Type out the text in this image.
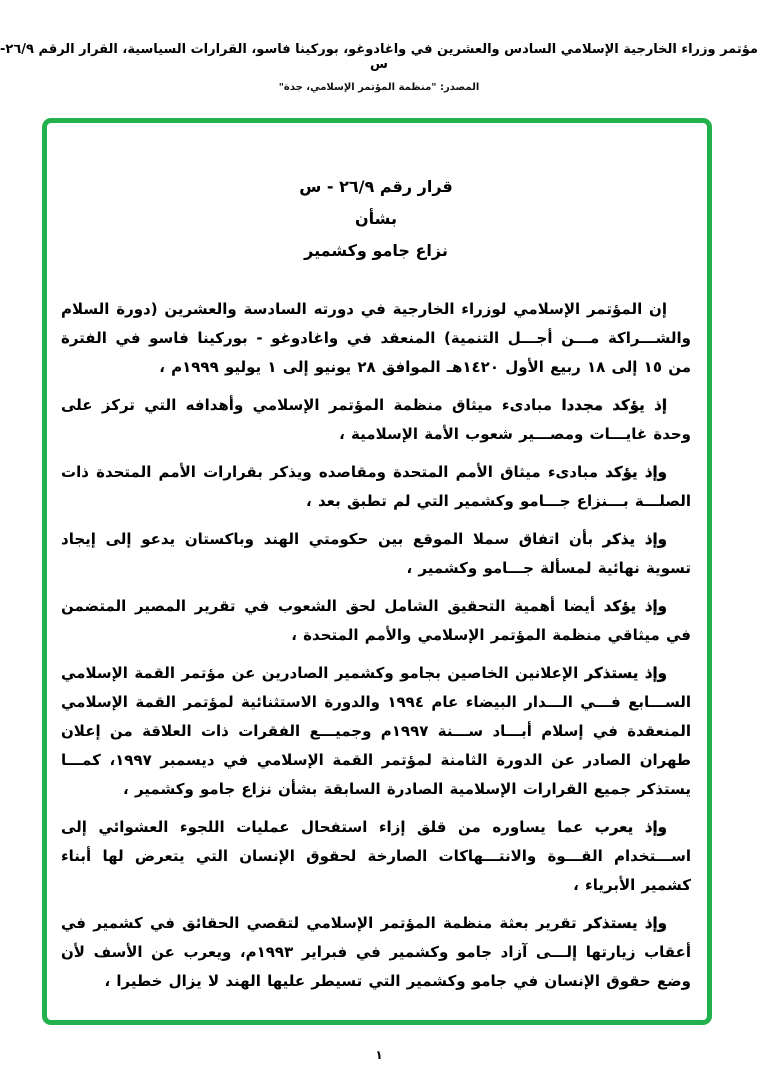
مؤتمر وزراء الخارجية الإسلامي السادس والعشرين في واغادوغو، بوركينا فاسو، القرارات السياسية، القرار الرقم ٢٦/٩-س
المصدر: "منظمة المؤتمر الإسلامي، جدة"
قرار رقم ٢٦/٩ - س
بشأن
نزاع جامو وكشمير

إن المؤتمر الإسلامي لوزراء الخارجية في دورته السادسة والعشرين (دورة السلام والشـــراكة مـــن أجـــل التنمية) المنعقد في واغادوغو - بوركينا فاسو في الفترة من ١٥ إلى ١٨ ربيع الأول ١٤٢٠هـ الموافق ٢٨ يونيو إلى ١ يوليو ١٩٩٩م ،

إذ يؤكد مجددا مبادىء ميثاق منظمة المؤتمر الإسلامي وأهدافه التي تركز على وحدة غايـــات ومصـــير شعوب الأمة الإسلامية ،

وإذ يؤكد مبادىء ميثاق الأمم المتحدة ومقاصده ويذكر بقرارات الأمم المتحدة ذات الصلـــة بـــنزاع جـــامو وكشمير التي لم تطبق بعد ،

وإذ يذكر بأن اتفاق سملا الموقع بين حكومتي الهند وباكستان يدعو إلى إيجاد تسوية نهائية لمسألة جـــامو وكشمير ،

وإذ يؤكد أيضا أهمية التحقيق الشامل لحق الشعوب في تقرير المصير المتضمن في ميثاقي منظمة المؤتمر الإسلامي والأمم المتحدة ،

وإذ يستذكر الإعلانين الخاصين بجامو وكشمير الصادرين عن مؤتمر القمة الإسلامي الســـابع فـــي الـــدار البيضاء عام ١٩٩٤ والدورة الاستثنائية لمؤتمر القمة الإسلامي المنعقدة في إسلام أبـــاد ســـنة ١٩٩٧م وجميـــع الفقرات ذات العلاقة من إعلان طهران الصادر عن الدورة الثامنة لمؤتمر القمة الإسلامي في ديسمبر ١٩٩٧، كمـــا يستذكر جميع القرارات الإسلامية الصادرة السابقة بشأن نزاع جامو وكشمير ،

وإذ يعرب عما يساوره من قلق إزاء استفحال عمليات اللجوء العشوائي إلى اســـتخدام القـــوة والانتـــهاكات الصارخة لحقوق الإنسان التي يتعرض لها أبناء كشمير الأبرياء ،

وإذ يستذكر تقرير بعثة منظمة المؤتمر الإسلامي لتقصي الحقائق في كشمير في أعقاب زيارتها إلـــى آزاد جامو وكشمير في فبراير ١٩٩٣م، ويعرب عن الأسف لأن وضع حقوق الإنسان في جامو وكشمير التي تسيطر عليها الهند لا يزال خطيرا ،

١
